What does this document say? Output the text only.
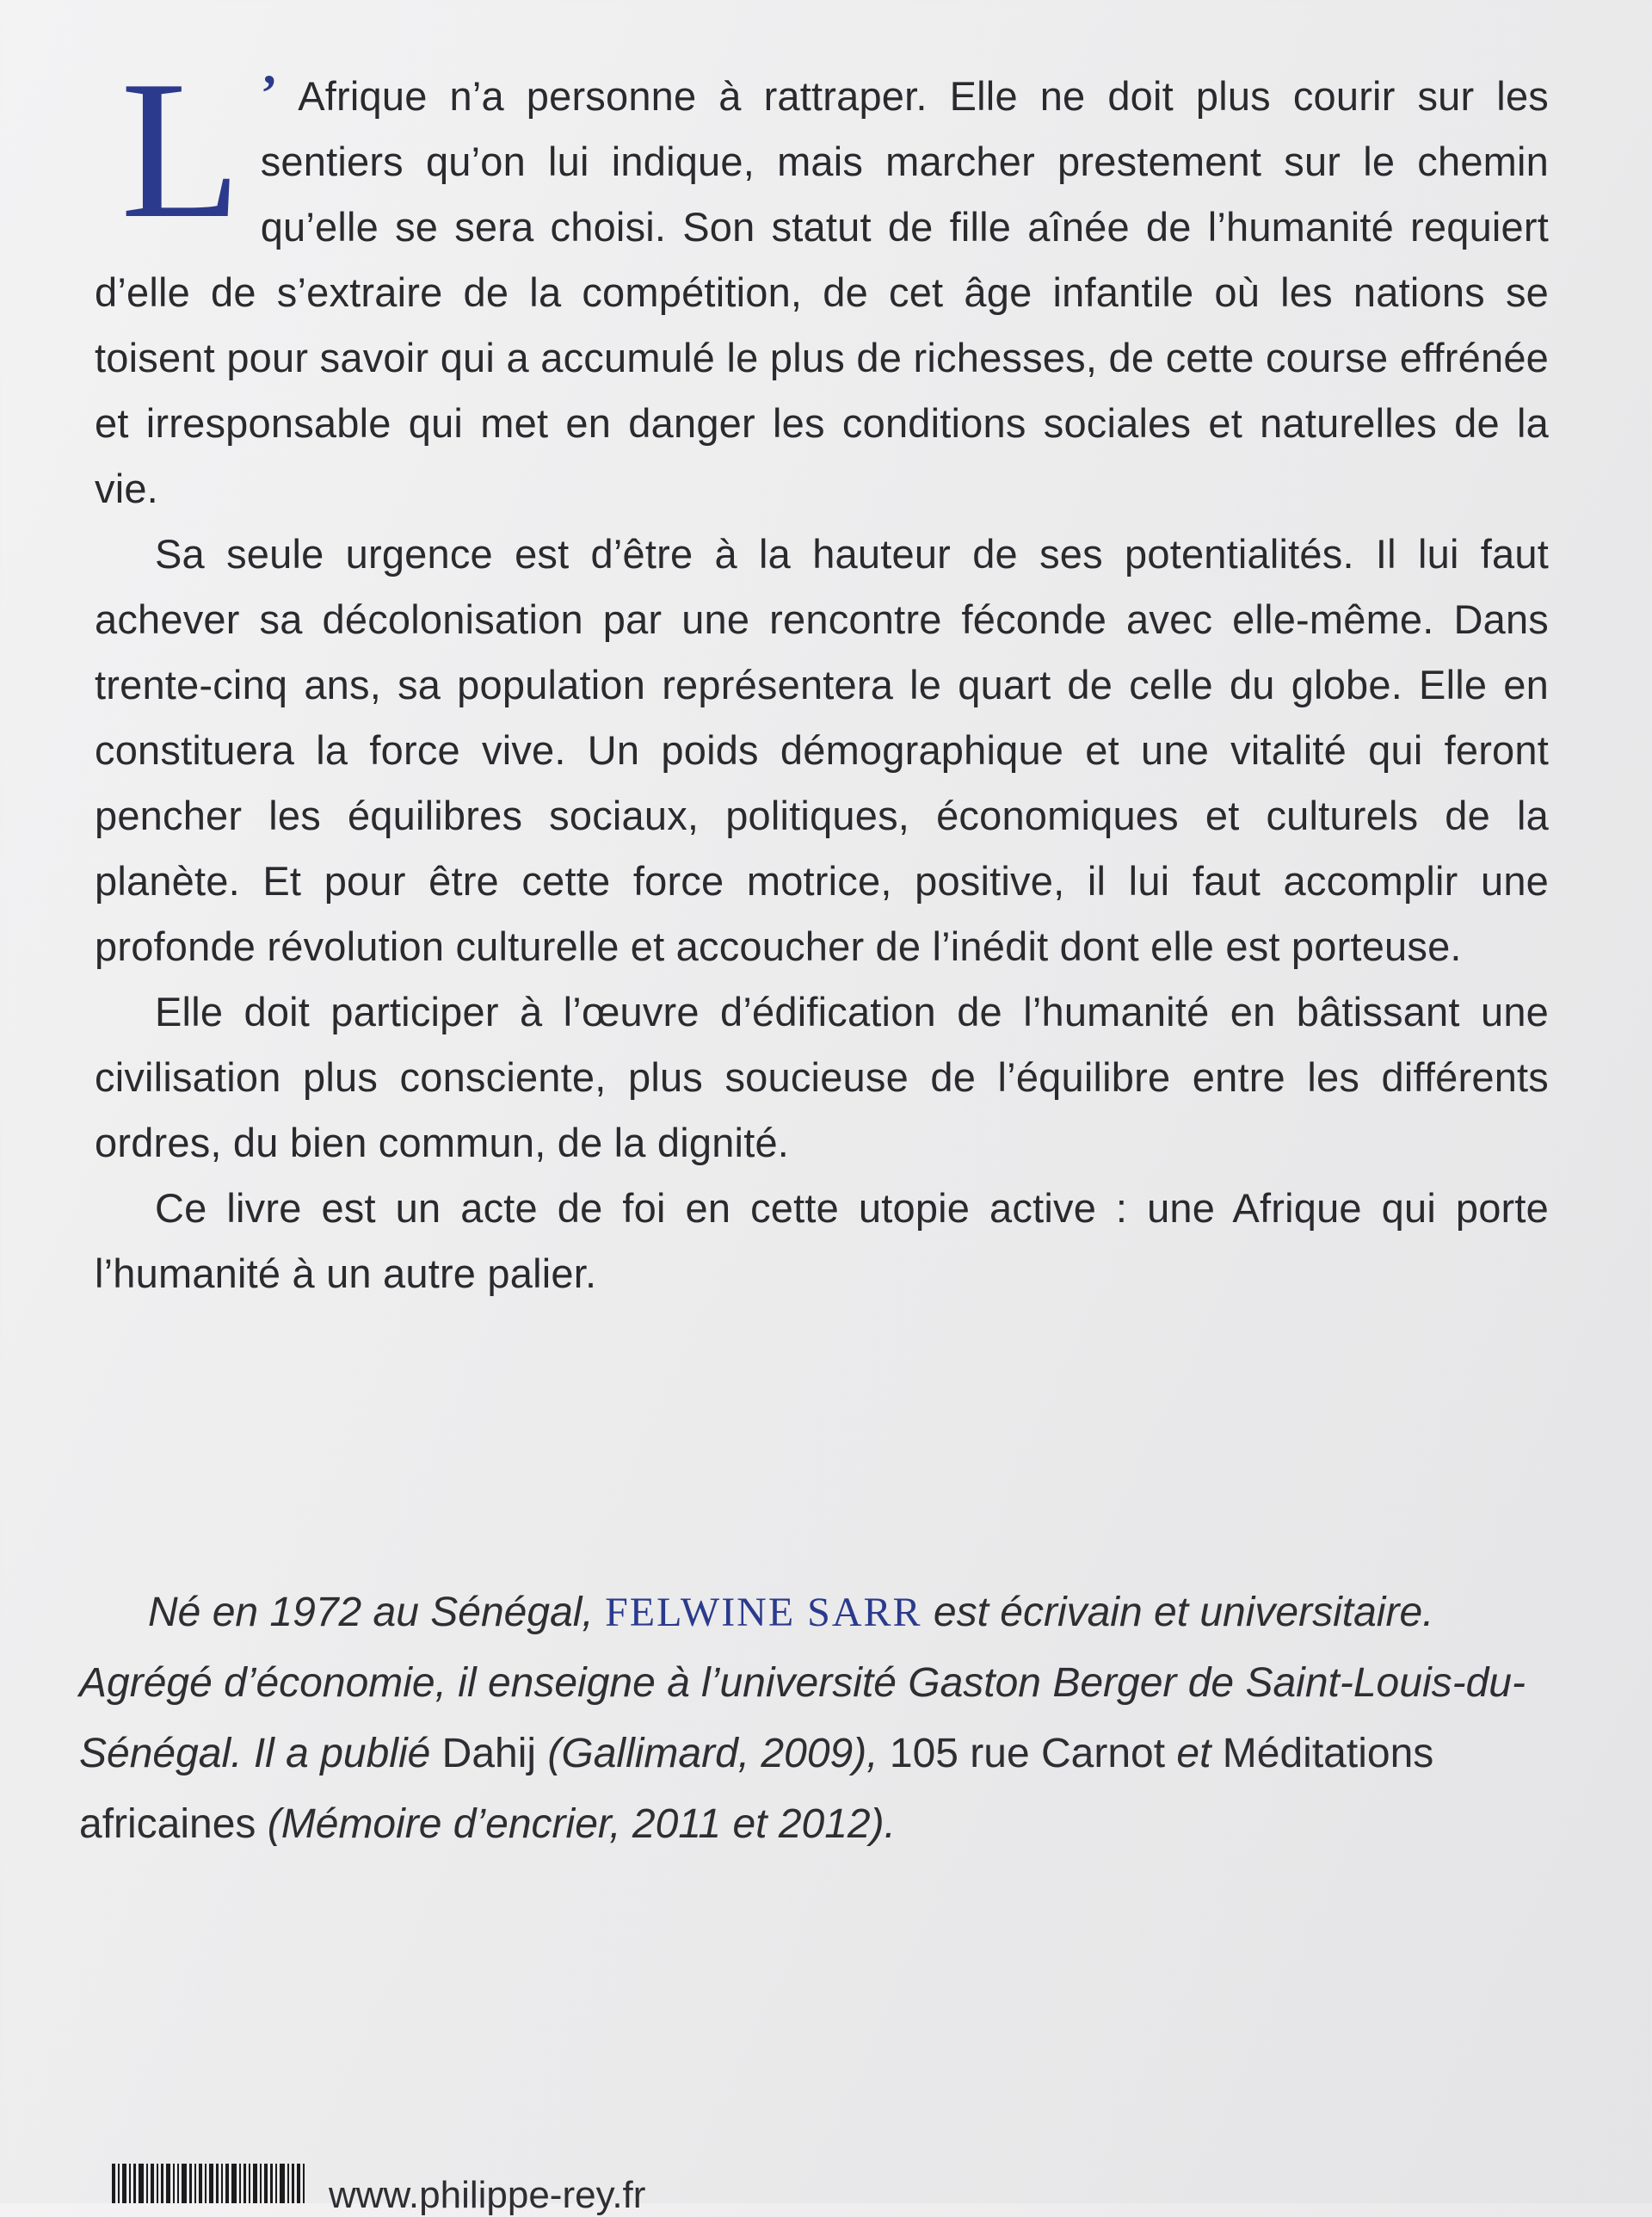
L ’ Afrique n’a personne à rattraper. Elle ne doit plus courir sur les sentiers qu’on lui indique, mais marcher prestement sur le chemin qu’elle se sera choisi. Son statut de fille aînée de l’humanité requiert d’elle de s’extraire de la compétition, de cet âge infantile où les nations se toisent pour savoir qui a accumulé le plus de richesses, de cette course effrénée et irresponsable qui met en danger les conditions sociales et naturelles de la vie.

Sa seule urgence est d’être à la hauteur de ses potentialités. Il lui faut achever sa décolonisation par une rencontre féconde avec elle-même. Dans trente-cinq ans, sa population représentera le quart de celle du globe. Elle en constituera la force vive. Un poids démographique et une vitalité qui feront pencher les équilibres sociaux, politiques, économiques et culturels de la planète. Et pour être cette force motrice, positive, il lui faut accomplir une profonde révolution culturelle et accoucher de l’inédit dont elle est porteuse.

Elle doit participer à l’œuvre d’édification de l’humanité en bâtissant une civilisation plus consciente, plus soucieuse de l’équilibre entre les différents ordres, du bien commun, de la dignité.

Ce livre est un acte de foi en cette utopie active : une Afrique qui porte l’humanité à un autre palier.

Né en 1972 au Sénégal, FELWINE SARR est écrivain et universitaire. Agrégé d’économie, il enseigne à l’université Gaston Berger de Saint-Louis-du-Sénégal. Il a publié Dahij (Gallimard, 2009), 105 rue Carnot et Méditations africaines (Mémoire d’encrier, 2011 et 2012).

www.philippe-rey.fr
